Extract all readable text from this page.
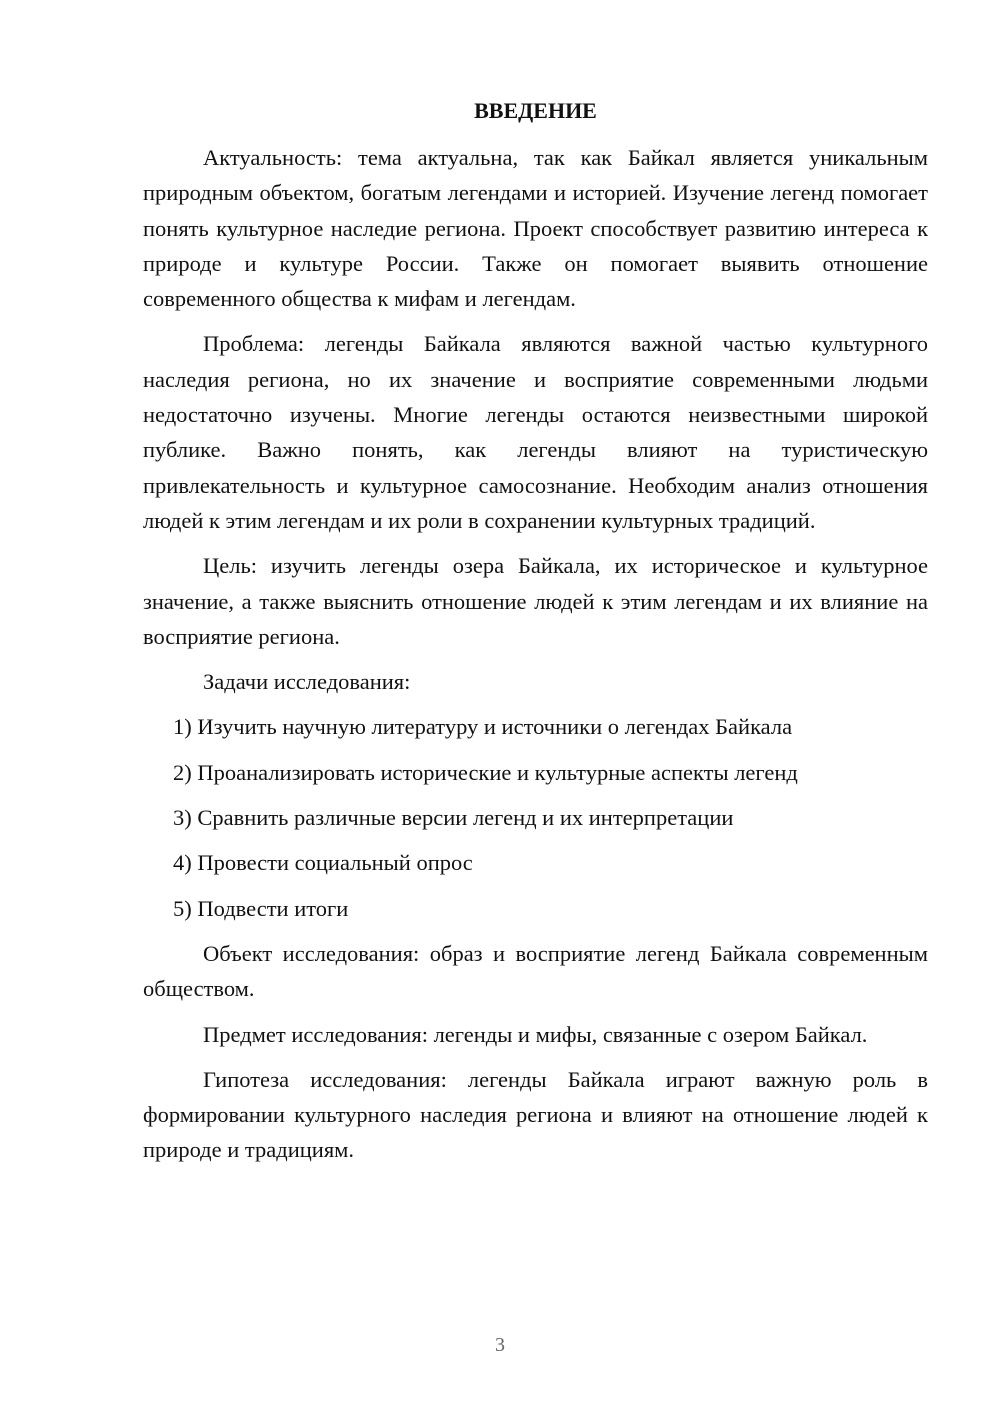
ВВЕДЕНИЕ

Актуальность: тема актуальна, так как Байкал является уникальным природным объектом, богатым легендами и историей. Изучение легенд помогает понять культурное наследие региона. Проект способствует развитию интереса к природе и культуре России. Также он помогает выявить отношение современного общества к мифам и легендам.

Проблема: легенды Байкала являются важной частью культурного наследия региона, но их значение и восприятие современными людьми недостаточно изучены. Многие легенды остаются неизвестными широкой публике. Важно понять, как легенды влияют на туристическую привлекательность и культурное самосознание. Необходим анализ отношения людей к этим легендам и их роли в сохранении культурных традиций.

Цель: изучить легенды озера Байкала, их историческое и культурное значение, а также выяснить отношение людей к этим легендам и их влияние на восприятие региона.

Задачи исследования:

1) Изучить научную литературу и источники о легендах Байкала
2) Проанализировать исторические и культурные аспекты легенд
3) Сравнить различные версии легенд и их интерпретации
4) Провести социальный опрос
5) Подвести итоги

Объект исследования: образ и восприятие легенд Байкала современным обществом.

Предмет исследования: легенды и мифы, связанные с озером Байкал.

Гипотеза исследования: легенды Байкала играют важную роль в формировании культурного наследия региона и влияют на отношение людей к природе и традициям.

3
